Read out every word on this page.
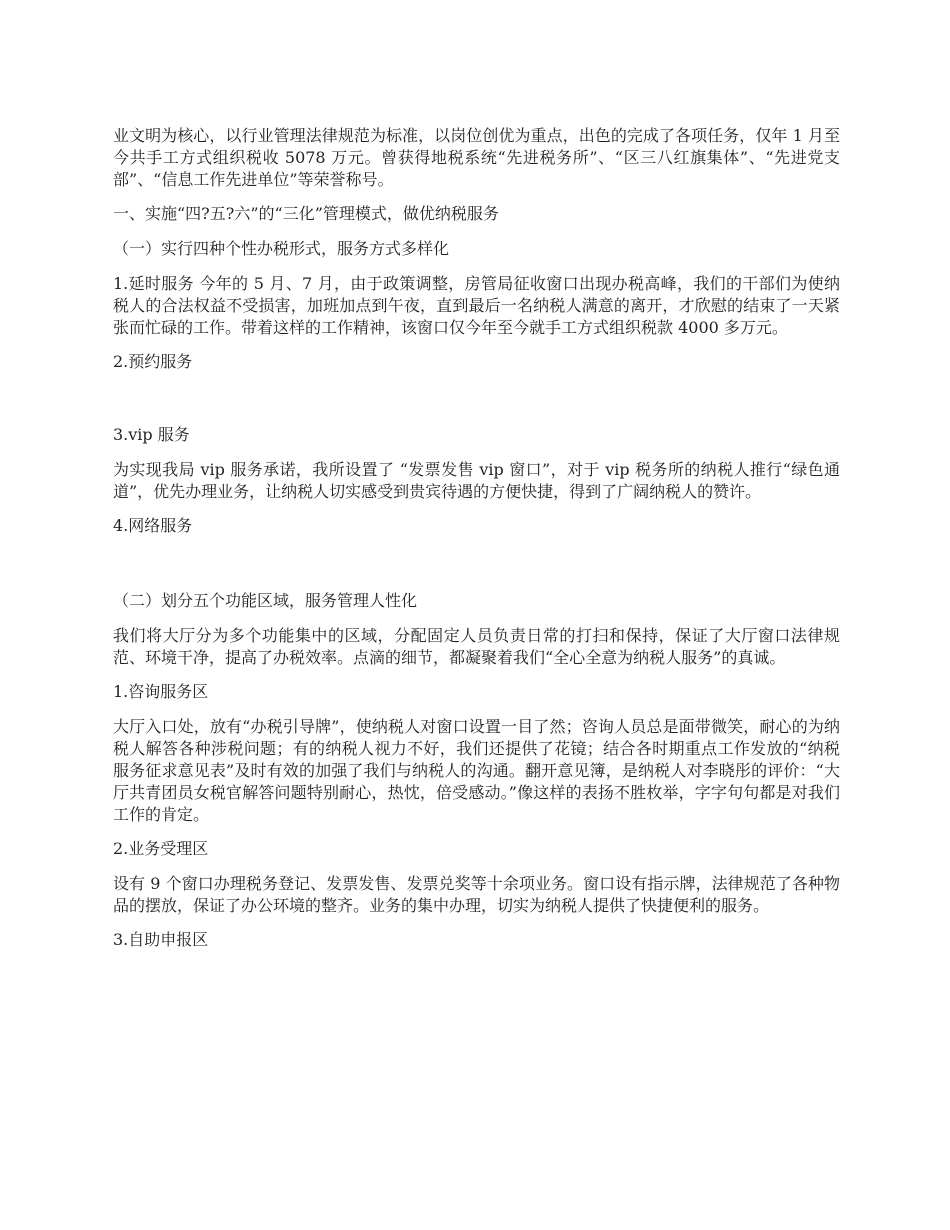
业文明为核心，以行业管理法律规范为标准，以岗位创优为重点，出色的完成了各项任务，仅年 1 月至今共手工方式组织税收 5078 万元。曾获得地税系统“先进税务所”、“区三八红旗集体”、“先进党支部”、“信息工作先进单位”等荣誉称号。

一、实施“四?五?六”的“三化”管理模式，做优纳税服务

（一）实行四种个性办税形式，服务方式多样化

1.延时服务 今年的 5 月、7 月，由于政策调整，房管局征收窗口出现办税高峰，我们的干部们为使纳税人的合法权益不受损害，加班加点到午夜，直到最后一名纳税人满意的离开，才欣慰的结束了一天紧张而忙碌的工作。带着这样的工作精神，该窗口仅今年至今就手工方式组织税款 4000 多万元。

2.预约服务

3.vip 服务

为实现我局 vip 服务承诺，我所设置了 “发票发售 vip 窗口”，对于 vip 税务所的纳税人推行“绿色通道”，优先办理业务，让纳税人切实感受到贵宾待遇的方便快捷，得到了广阔纳税人的赞许。

4.网络服务

（二）划分五个功能区域，服务管理人性化

我们将大厅分为多个功能集中的区域，分配固定人员负责日常的打扫和保持，保证了大厅窗口法律规范、环境干净，提高了办税效率。点滴的细节，都凝聚着我们“全心全意为纳税人服务”的真诚。

1.咨询服务区

大厅入口处，放有“办税引导牌”，使纳税人对窗口设置一目了然；咨询人员总是面带微笑，耐心的为纳税人解答各种涉税问题；有的纳税人视力不好，我们还提供了花镜；结合各时期重点工作发放的“纳税服务征求意见表”及时有效的加强了我们与纳税人的沟通。翻开意见簿，是纳税人对李晓彤的评价：“大厅共青团员女税官解答问题特别耐心，热忱，倍受感动。”像这样的表扬不胜枚举，字字句句都是对我们工作的肯定。

2.业务受理区

设有 9 个窗口办理税务登记、发票发售、发票兑奖等十余项业务。窗口设有指示牌，法律规范了各种物品的摆放，保证了办公环境的整齐。业务的集中办理，切实为纳税人提供了快捷便利的服务。

3.自助申报区
